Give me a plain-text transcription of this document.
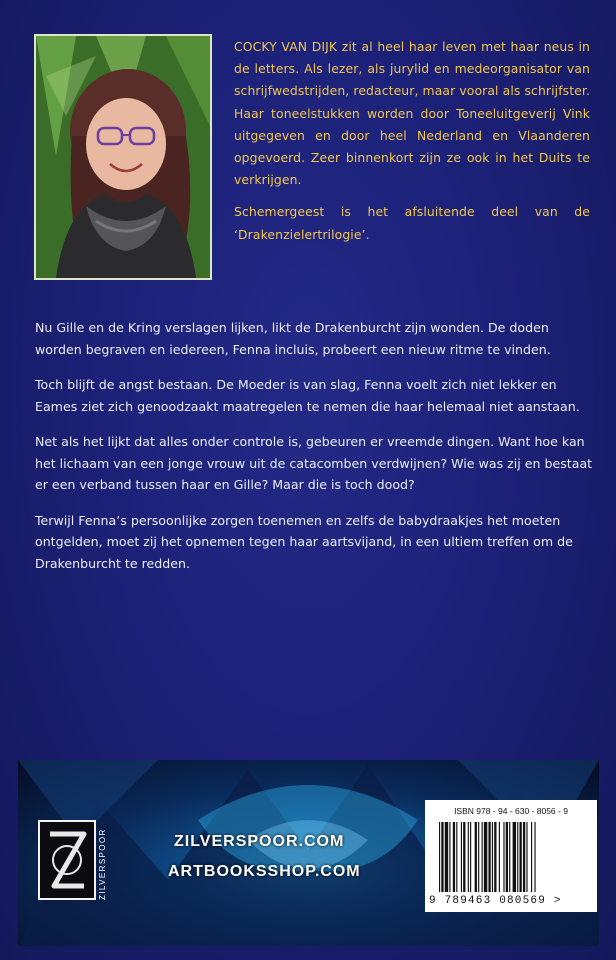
COCKY VAN DIJK zit al heel haar leven met haar neus in de letters. Als lezer, als jurylid en medeorganisator van schrijfwedstrijden, redacteur, maar vooral als schrijfster. Haar toneelstukken worden door Toneeluitgeverij Vink uitgegeven en door heel Nederland en Vlaanderen opgevoerd. Zeer binnenkort zijn ze ook in het Duits te verkrijgen.

Schemergeest is het afsluitende deel van de ‘Drakenzielertrilogie’.

Nu Gille en de Kring verslagen lijken, likt de Drakenburcht zijn wonden. De doden worden begraven en iedereen, Fenna incluis, probeert een nieuw ritme te vinden.

Toch blijft de angst bestaan. De Moeder is van slag, Fenna voelt zich niet lekker en Eames ziet zich genoodzaakt maatregelen te nemen die haar helemaal niet aanstaan.

Net als het lijkt dat alles onder controle is, gebeuren er vreemde dingen. Want hoe kan het lichaam van een jonge vrouw uit de catacomben verdwijnen? Wie was zij en bestaat er een verband tussen haar en Gille? Maar die is toch dood?

Terwijl Fenna’s persoonlijke zorgen toenemen en zelfs de babydraakjes het moeten ontgelden, moet zij het opnemen tegen haar aartsvijand, in een ultiem treffen om de Drakenburcht te redden.

ZILVERSPOOR	ZILVERSPOOR.COM
ARTBOOKSSHOP.COM
ISBN 978 - 94 - 630 - 8056 - 9
9 789463 080569 >
